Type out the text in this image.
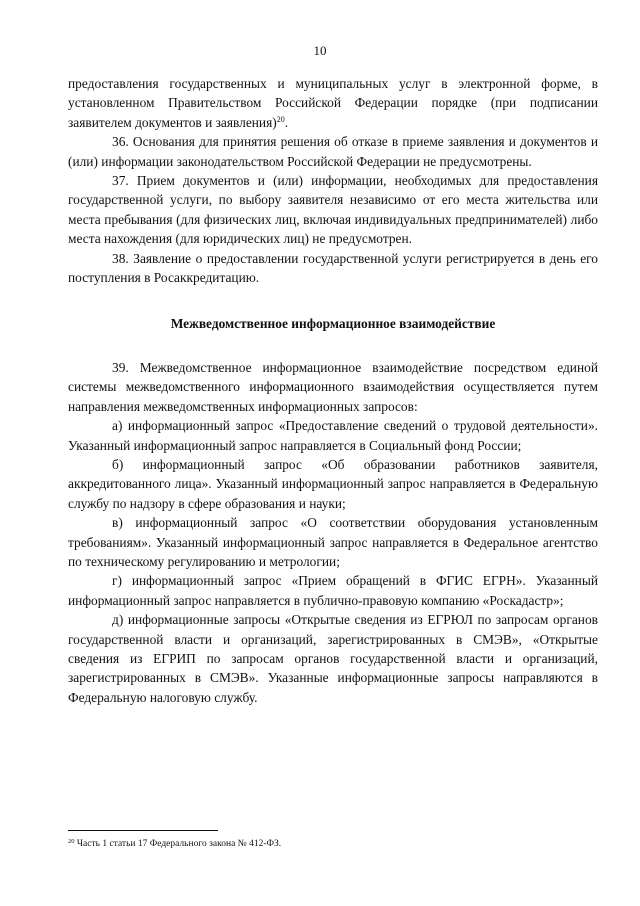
10

предоставления государственных и муниципальных услуг в электронной форме, в установленном Правительством Российской Федерации порядке (при подписании заявителем документов и заявления)$^{20}$.

36. Основания для принятия решения об отказе в приеме заявления и документов и (или) информации законодательством Российской Федерации не предусмотрены.

37. Прием документов и (или) информации, необходимых для предоставления государственной услуги, по выбору заявителя независимо от его места жительства или места пребывания (для физических лиц, включая индивидуальных предпринимателей) либо места нахождения (для юридических лиц) не предусмотрен.

38. Заявление о предоставлении государственной услуги регистрируется в день его поступления в Росаккредитацию.

Межведомственное информационное взаимодействие

39. Межведомственное информационное взаимодействие посредством единой системы межведомственного информационного взаимодействия осуществляется путем направления межведомственных информационных запросов:

а) информационный запрос «Предоставление сведений о трудовой деятельности». Указанный информационный запрос направляется в Социальный фонд России;

б) информационный запрос «Об образовании работников заявителя, аккредитованного лица». Указанный информационный запрос направляется в Федеральную службу по надзору в сфере образования и науки;

в) информационный запрос «О соответствии оборудования установленным требованиям». Указанный информационный запрос направляется в Федеральное агентство по техническому регулированию и метрологии;

г) информационный запрос «Прием обращений в ФГИС ЕГРН». Указанный информационный запрос направляется в публично-правовую компанию «Роскадастр»;

д) информационные запросы «Открытые сведения из ЕГРЮЛ по запросам органов государственной власти и организаций, зарегистрированных в СМЭВ», «Открытые сведения из ЕГРИП по запросам органов государственной власти и организаций, зарегистрированных в СМЭВ». Указанные информационные запросы направляются в Федеральную налоговую службу.

$^{20}$ Часть 1 статьи 17 Федерального закона № 412-ФЗ.
